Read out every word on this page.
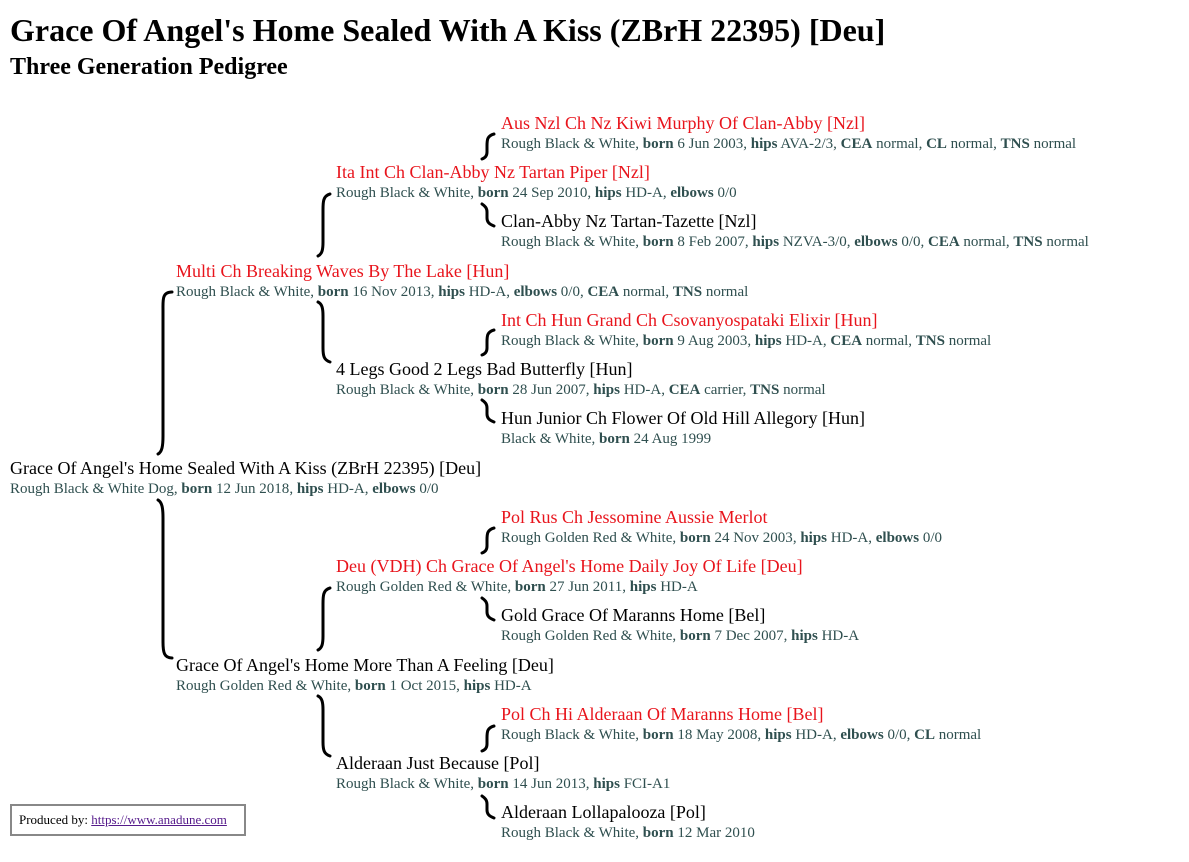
Grace Of Angel's Home Sealed With A Kiss (ZBrH 22395) [Deu]
Three Generation Pedigree
Aus Nzl Ch Nz Kiwi Murphy Of Clan-Abby [Nzl]
Rough Black & White, born 6 Jun 2003, hips AVA-2/3, CEA normal, CL normal, TNS normal
Ita Int Ch Clan-Abby Nz Tartan Piper [Nzl]
Rough Black & White, born 24 Sep 2010, hips HD-A, elbows 0/0
Clan-Abby Nz Tartan-Tazette [Nzl]
Rough Black & White, born 8 Feb 2007, hips NZVA-3/0, elbows 0/0, CEA normal, TNS normal
Multi Ch Breaking Waves By The Lake [Hun]
Rough Black & White, born 16 Nov 2013, hips HD-A, elbows 0/0, CEA normal, TNS normal
Int Ch Hun Grand Ch Csovanyospataki Elixir [Hun]
Rough Black & White, born 9 Aug 2003, hips HD-A, CEA normal, TNS normal
4 Legs Good 2 Legs Bad Butterfly [Hun]
Rough Black & White, born 28 Jun 2007, hips HD-A, CEA carrier, TNS normal
Hun Junior Ch Flower Of Old Hill Allegory [Hun]
Black & White, born 24 Aug 1999
Grace Of Angel's Home Sealed With A Kiss (ZBrH 22395) [Deu]
Rough Black & White Dog, born 12 Jun 2018, hips HD-A, elbows 0/0
Pol Rus Ch Jessomine Aussie Merlot
Rough Golden Red & White, born 24 Nov 2003, hips HD-A, elbows 0/0
Deu (VDH) Ch Grace Of Angel's Home Daily Joy Of Life [Deu]
Rough Golden Red & White, born 27 Jun 2011, hips HD-A
Gold Grace Of Maranns Home [Bel]
Rough Golden Red & White, born 7 Dec 2007, hips HD-A
Grace Of Angel's Home More Than A Feeling [Deu]
Rough Golden Red & White, born 1 Oct 2015, hips HD-A
Pol Ch Hi Alderaan Of Maranns Home [Bel]
Rough Black & White, born 18 May 2008, hips HD-A, elbows 0/0, CL normal
Alderaan Just Because [Pol]
Rough Black & White, born 14 Jun 2013, hips FCI-A1
Alderaan Lollapalooza [Pol]
Rough Black & White, born 12 Mar 2010
Produced by: https://www.anadune.com
